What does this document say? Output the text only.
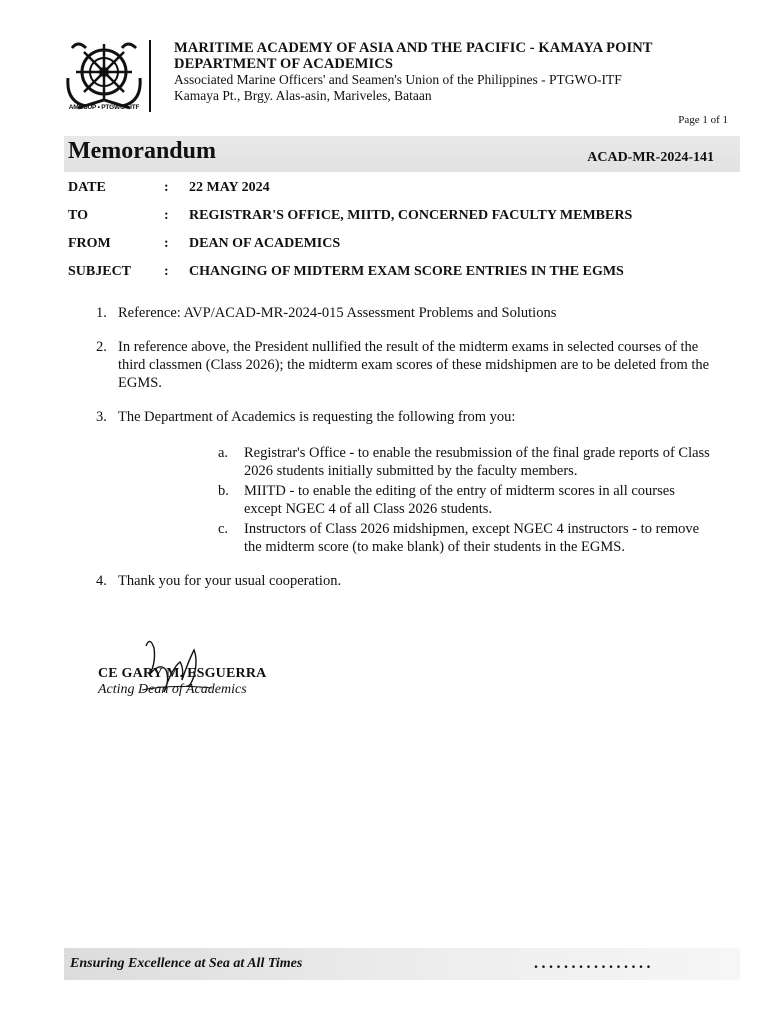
AMOSUP • PTGWO • ITF
MARITIME ACADEMY OF ASIA AND THE PACIFIC - KAMAYA POINT
DEPARTMENT OF ACADEMICS
Associated Marine Officers' and Seamen's Union of the Philippines - PTGWO-ITF
Kamaya Pt., Brgy. Alas-asin, Mariveles, Bataan
Page 1 of 1
Memorandum	ACAD-MR-2024-141
DATE	: 22 MAY 2024
TO	: REGISTRAR'S OFFICE, MIITD, CONCERNED FACULTY MEMBERS
FROM	: DEAN OF ACADEMICS
SUBJECT	: CHANGING OF MIDTERM EXAM SCORE ENTRIES IN THE EGMS
1. Reference: AVP/ACAD-MR-2024-015 Assessment Problems and Solutions
2. In reference above, the President nullified the result of the midterm exams in selected courses of the third classmen (Class 2026); the midterm exam scores of these midshipmen are to be deleted from the EGMS.
3. The Department of Academics is requesting the following from you:
a. Registrar's Office - to enable the resubmission of the final grade reports of Class 2026 students initially submitted by the faculty members.
b. MIITD - to enable the editing of the entry of midterm scores in all courses except NGEC 4 of all Class 2026 students.
c. Instructors of Class 2026 midshipmen, except NGEC 4 instructors - to remove the midterm score (to make blank) of their students in the EGMS.
4. Thank you for your usual cooperation.
CE GARY M. ESGUERRA
Acting Dean of Academics
Ensuring Excellence at Sea at All Times	................
